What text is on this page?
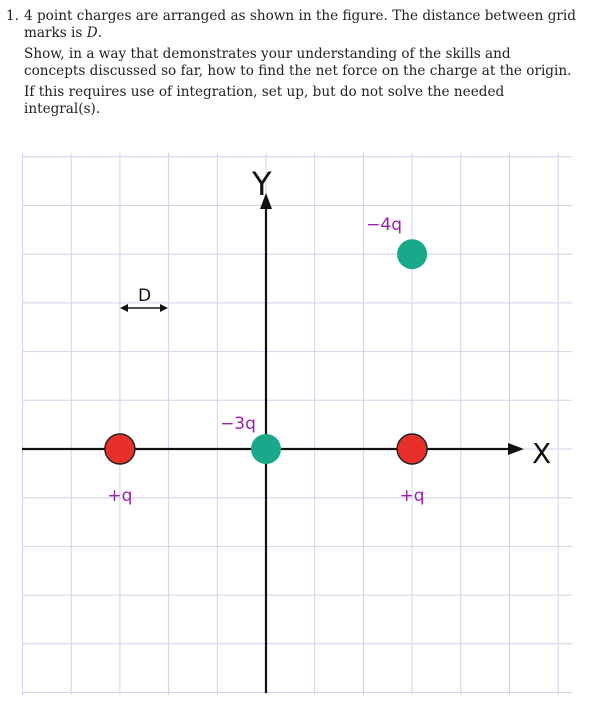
1. 4 point charges are arranged as shown in the figure. The distance between grid marks is D.

Show, in a way that demonstrates your understanding of the skills and concepts discussed so far, how to find the net force on the charge at the origin.

If this requires use of integration, set up, but do not solve the needed integral(s).

X
Y
D
+q
−3q
+q
−4q
